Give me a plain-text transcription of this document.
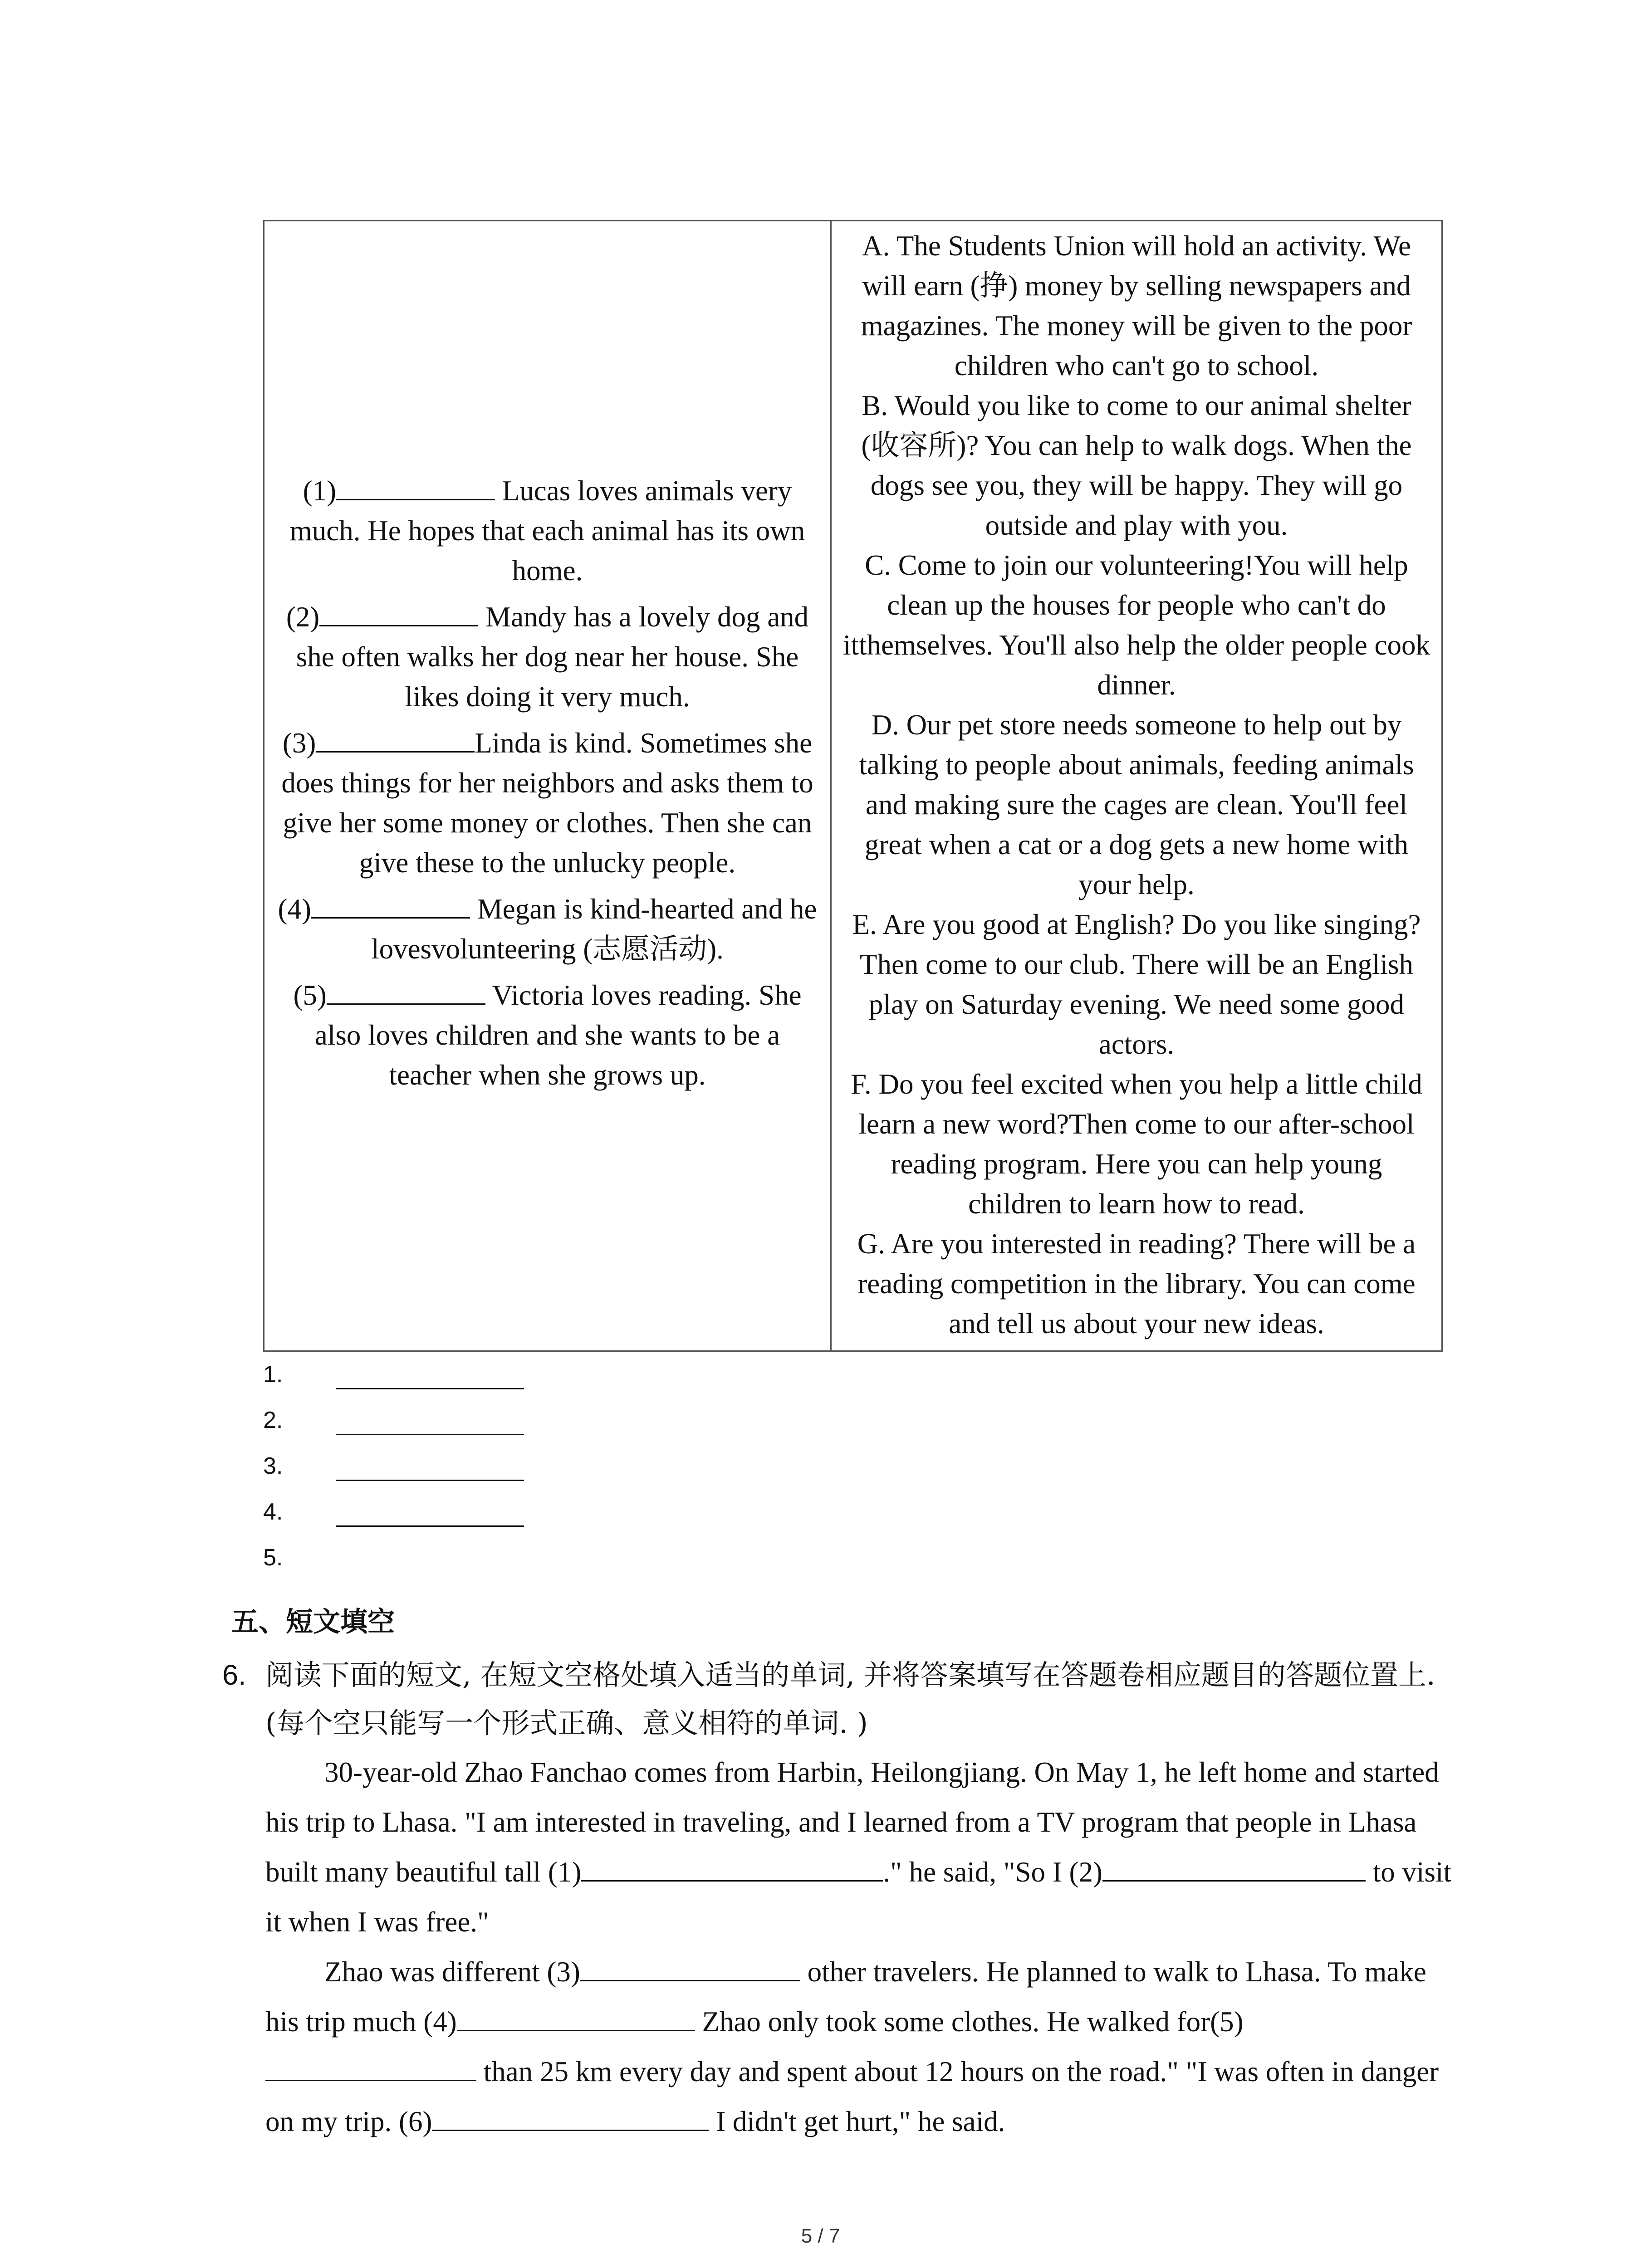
(1)	Lucas loves animals very much. He hopes that each animal has its own home.
(2)	Mandy has a lovely dog and she often walks her dog near her house. She likes doing it very much.
(3)	Linda is kind. Sometimes she does things for her neighbors and asks them to give her some money or clothes. Then she can give these to the unlucky people.
(4)	Megan is kind-hearted and he lovesvolunteering (志愿活动).
(5)	Victoria loves reading. She also loves children and she wants to be a teacher when she grows up.

A. The Students Union will hold an activity. We will earn (挣) money by selling newspapers and magazines. The money will be given to the poor children who can't go to school.

B. Would you like to come to our animal shelter (收容所)? You can help to walk dogs. When the dogs see you, they will be happy. They will go outside and play with you.

C. Come to join our volunteering!You will help clean up the houses for people who can't do itthemselves. You'll also help the older people cook dinner.

D. Our pet store needs someone to help out by talking to people about animals, feeding animals and making sure the cages are clean. You'll feel great when a cat or a dog gets a new home with your help.

E. Are you good at English? Do you like singing? Then come to our club. There will be an English play on Saturday evening. We need some good actors.

F. Do you feel excited when you help a little child learn a new word?Then come to our after-school reading program. Here you can help young children to learn how to read.

G. Are you interested in reading? There will be a reading competition in the library. You can come and tell us about your new ideas.

1.
2.
3.
4.
5.
五、短文填空
6. 阅读下面的短文, 在短文空格处填入适当的单词, 并将答案填写在答题卷相应题目的答题位置上. (每个空只能写一个形式正确、意义相符的单词. )

30-year-old Zhao Fanchao comes from Harbin, Heilongjiang. On May 1, he left home and started his trip to Lhasa. "I am interested in traveling, and I learned from a TV program that people in Lhasa built many beautiful tall (1)	." he said, "So I (2)	to visit it when I was free."

Zhao was different (3)	other travelers. He planned to walk to Lhasa. To make his trip much (4)	Zhao only took some clothes. He walked for(5) than 25 km every day and spent about 12 hours on the road." "I was often in danger on my trip. (6)	I didn't get hurt," he said.

5 / 7
